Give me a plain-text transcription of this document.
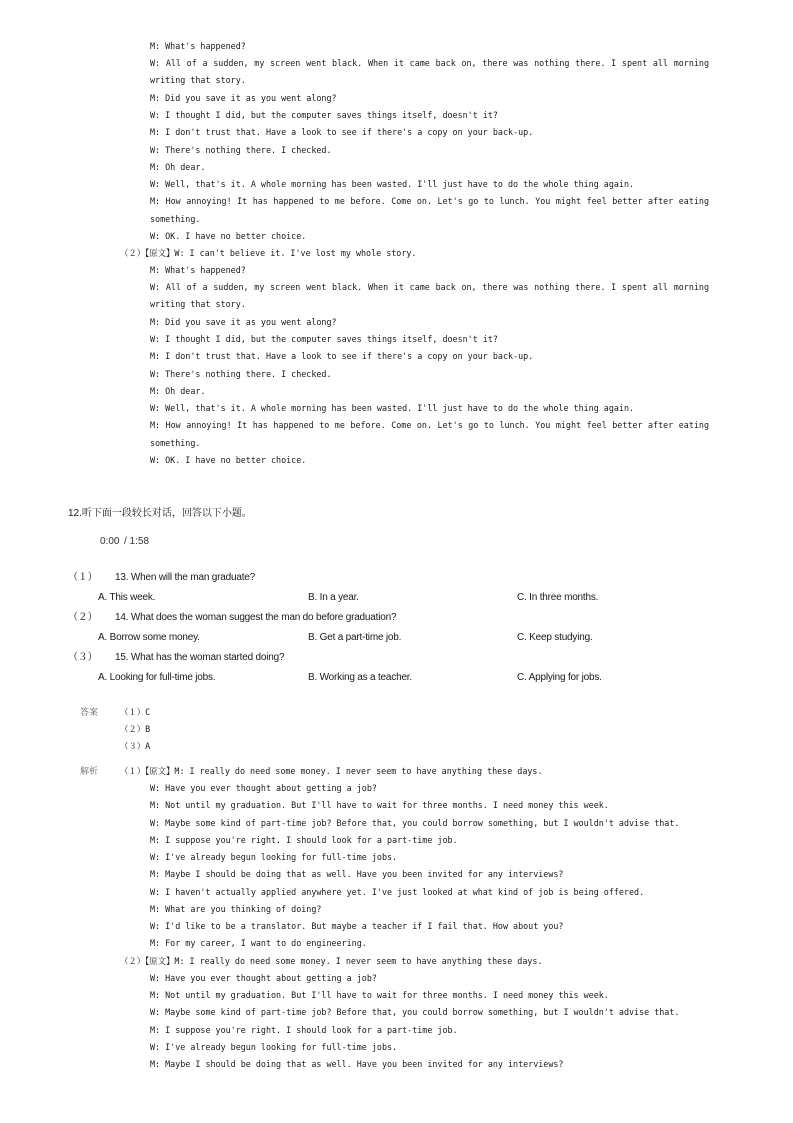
M: What's happened?
W: All of a sudden, my screen went black. When it came back on, there was nothing there. I spent all morning
writing that story.
M: Did you save it as you went along?
W: I thought I did, but the computer saves things itself, doesn't it?
M: I don't trust that. Have a look to see if there's a copy on your back-up.
W: There's nothing there. I checked.
M: Oh dear.
W: Well, that's it. A whole morning has been wasted. I'll just have to do the whole thing again.
M: How annoying! It has happened to me before. Come on. Let's go to lunch. You might feel better after eating
something.
W: OK. I have no better choice.
（２）【原文】W: I can't believe it. I've lost my whole story.
M: What's happened?
W: All of a sudden, my screen went black. When it came back on, there was nothing there. I spent all morning
writing that story.
M: Did you save it as you went along?
W: I thought I did, but the computer saves things itself, doesn't it?
M: I don't trust that. Have a look to see if there's a copy on your back-up.
W: There's nothing there. I checked.
M: Oh dear.
W: Well, that's it. A whole morning has been wasted. I'll just have to do the whole thing again.
M: How annoying! It has happened to me before. Come on. Let's go to lunch. You might feel better after eating
something.
W: OK. I have no better choice.
12.听下面一段较长对话，回答以下小题。
0:00 / 1:58
（１） 13. When will the man graduate?
A. This week.	B. In a year.	C. In three months.
（２） 14. What does the woman suggest the man do before graduation?
A. Borrow some money.	B. Get a part-time job.	C. Keep studying.
（３） 15. What has the woman started doing?
A. Looking for full-time jobs.	B. Working as a teacher.	C. Applying for jobs.
答案	（１）C
（２）B
（３）A
解析	（１）【原文】M: I really do need some money. I never seem to have anything these days.
W: Have you ever thought about getting a job?
M: Not until my graduation. But I'll have to wait for three months. I need money this week.
W: Maybe some kind of part-time job? Before that, you could borrow something, but I wouldn't advise that.
M: I suppose you're right. I should look for a part-time job.
W: I've already begun looking for full-time jobs.
M: Maybe I should be doing that as well. Have you been invited for any interviews?
W: I haven't actually applied anywhere yet. I've just looked at what kind of job is being offered.
M: What are you thinking of doing?
W: I'd like to be a translator. But maybe a teacher if I fail that. How about you?
M: For my career, I want to do engineering.
（２）【原文】M: I really do need some money. I never seem to have anything these days.
W: Have you ever thought about getting a job?
M: Not until my graduation. But I'll have to wait for three months. I need money this week.
W: Maybe some kind of part-time job? Before that, you could borrow something, but I wouldn't advise that.
M: I suppose you're right. I should look for a part-time job.
W: I've already begun looking for full-time jobs.
M: Maybe I should be doing that as well. Have you been invited for any interviews?
